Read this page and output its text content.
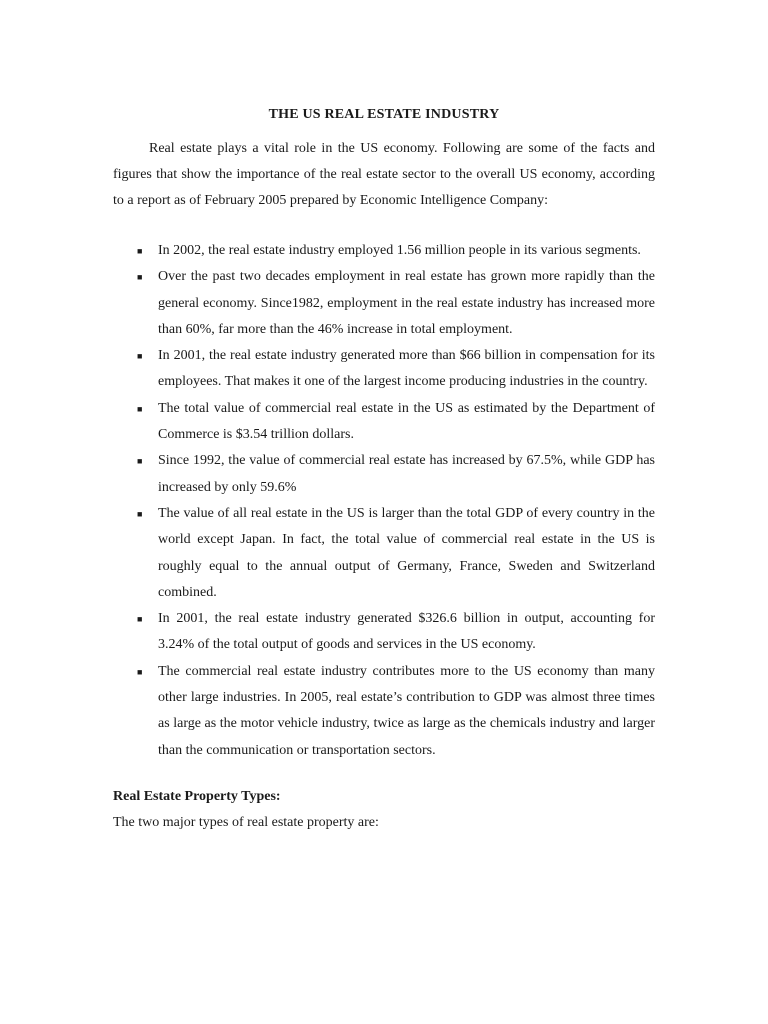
THE US REAL ESTATE INDUSTRY

Real estate plays a vital role in the US economy. Following are some of the facts and figures that show the importance of the real estate sector to the overall US economy, according to a report as of February 2005 prepared by Economic Intelligence Company:

■ In 2002, the real estate industry employed 1.56 million people in its various segments.
■ Over the past two decades employment in real estate has grown more rapidly than the general economy. Since1982, employment in the real estate industry has increased more than 60%, far more than the 46% increase in total employment.
■ In 2001, the real estate industry generated more than $66 billion in compensation for its employees. That makes it one of the largest income producing industries in the country.
■ The total value of commercial real estate in the US as estimated by the Department of Commerce is $3.54 trillion dollars.
■ Since 1992, the value of commercial real estate has increased by 67.5%, while GDP has increased by only 59.6%
■ The value of all real estate in the US is larger than the total GDP of every country in the world except Japan. In fact, the total value of commercial real estate in the US is roughly equal to the annual output of Germany, France, Sweden and Switzerland combined.
■ In 2001, the real estate industry generated $326.6 billion in output, accounting for 3.24% of the total output of goods and services in the US economy.
■ The commercial real estate industry contributes more to the US economy than many other large industries. In 2005, real estate’s contribution to GDP was almost three times as large as the motor vehicle industry, twice as large as the chemicals industry and larger than the communication or transportation sectors.
Real Estate Property Types:

The two major types of real estate property are:
